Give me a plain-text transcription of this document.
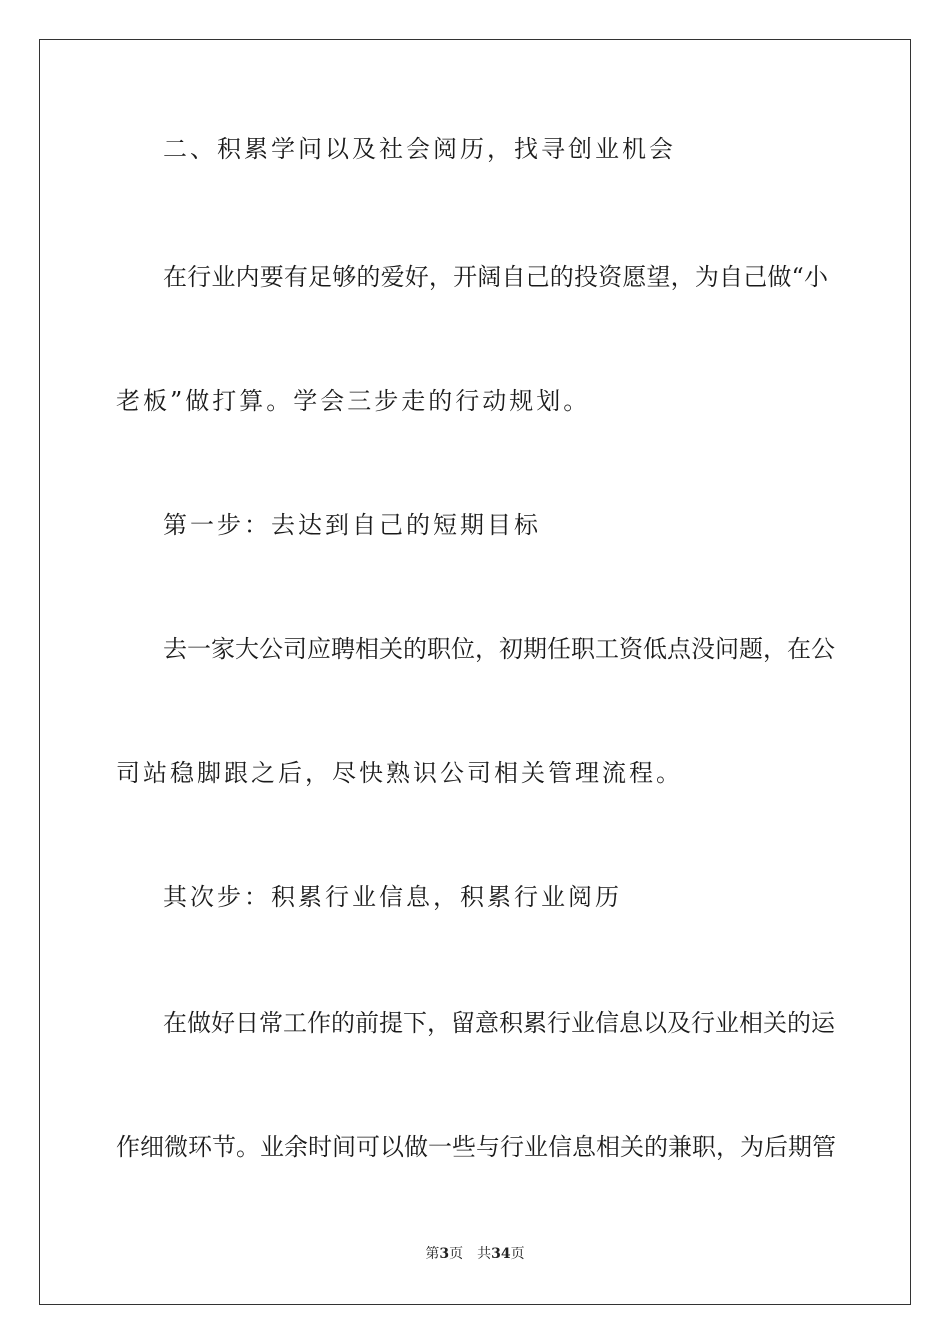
二、积累学问以及社会阅历，找寻创业机会
在行业内要有足够的爱好，开阔自己的投资愿望，为自己做“小
老板”做打算。学会三步走的行动规划。
第一步：去达到自己的短期目标
去一家大公司应聘相关的职位，初期任职工资低点没问题，在公
司站稳脚跟之后，尽快熟识公司相关管理流程。
其次步：积累行业信息，积累行业阅历
在做好日常工作的前提下，留意积累行业信息以及行业相关的运
作细微环节。业余时间可以做一些与行业信息相关的兼职，为后期管
第3页 共34页
